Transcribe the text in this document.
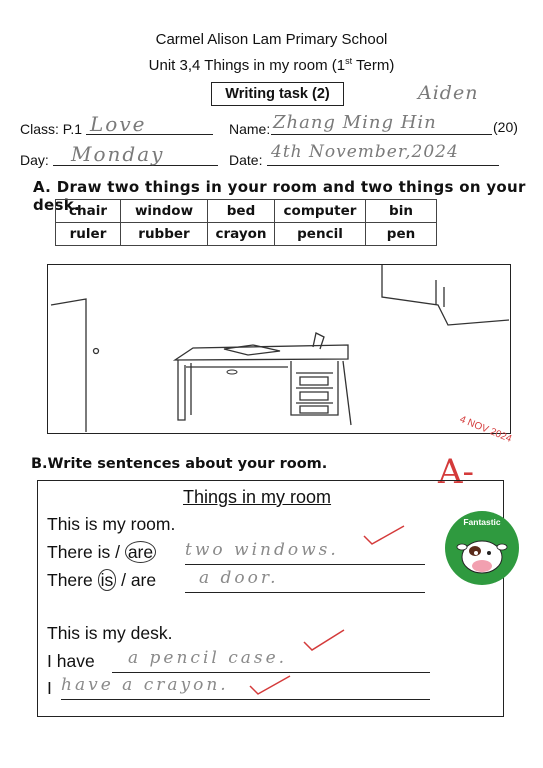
Carmel Alison Lam Primary School
Unit 3,4 Things in my room (1st Term)
Writing task (2)	Aiden
Class: P.1 Love	Name: Zhang Ming Hin	(20)
Day:	Monday	Date: 4th November,2024
A. Draw two things in your room and two things on your desk.
chair	window	bed	computer	bin
ruler	rubber	crayon	pencil	pen
4 NOV 2024
A-
B.Write sentences about your room.
Things in my room
This is my room.
There is / are two windows.
There is / are	a door.
This is my desk.
I have	a pencil case.
I have a crayon.
Fantastic
